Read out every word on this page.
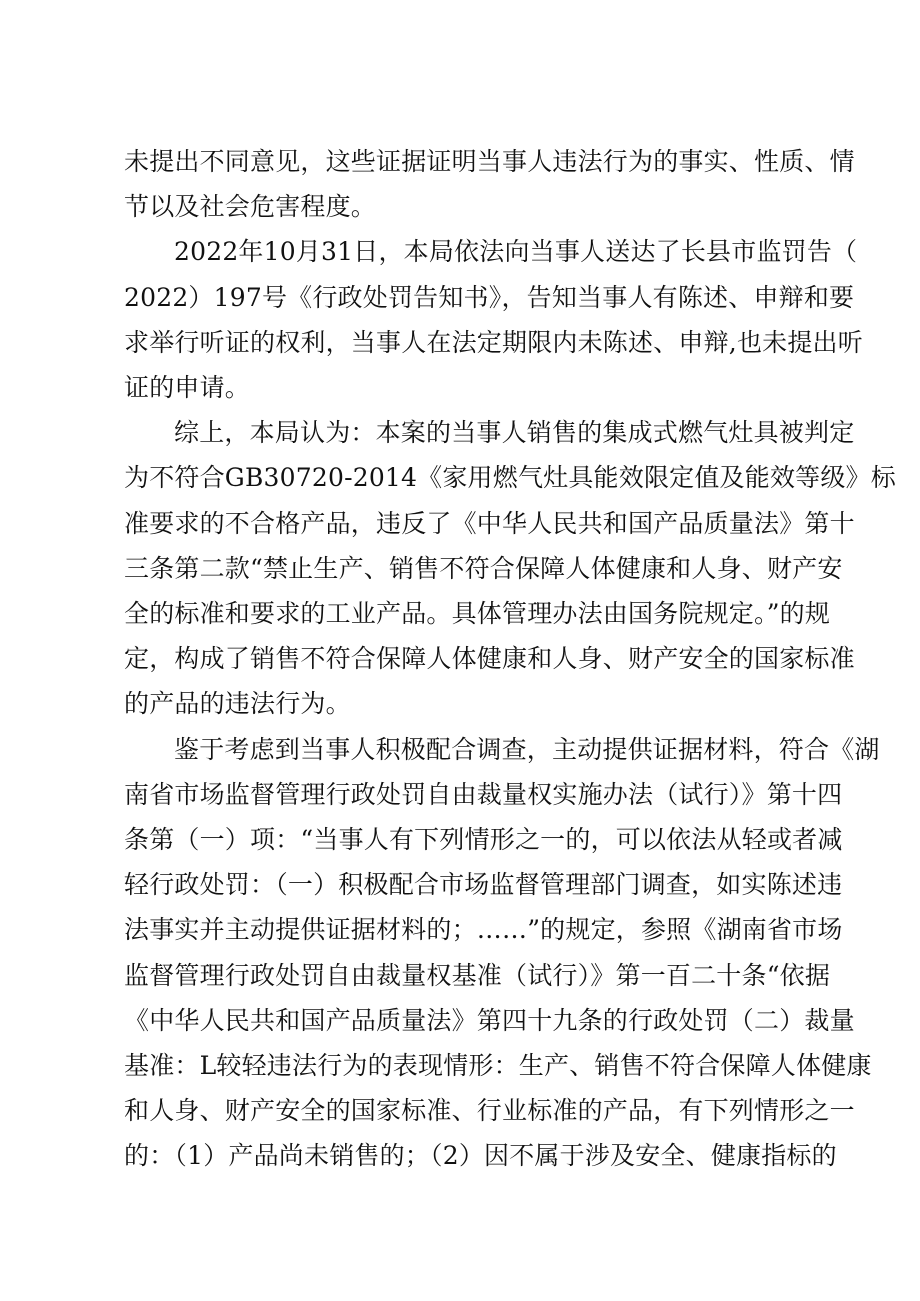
未提出不同意见，这些证据证明当事人违法行为的事实、性质、情
节以及社会危害程度。
2022年10月31日，本局依法向当事人送达了长县市监罚告（
2022）197号《行政处罚告知书》，告知当事人有陈述、申辩和要
求举行听证的权利，当事人在法定期限内未陈述、申辩,也未提出听
证的申请。
综上，本局认为：本案的当事人销售的集成式燃气灶具被判定
为不符合GB30720-2014《家用燃气灶具能效限定值及能效等级》标
准要求的不合格产品，违反了《中华人民共和国产品质量法》第十
三条第二款“禁止生产、销售不符合保障人体健康和人身、财产安
全的标准和要求的工业产品。具体管理办法由国务院规定。”的规
定，构成了销售不符合保障人体健康和人身、财产安全的国家标准
的产品的违法行为。
鉴于考虑到当事人积极配合调查，主动提供证据材料，符合《湖
南省市场监督管理行政处罚自由裁量权实施办法（试行）》第十四
条第（一）项：“当事人有下列情形之一的，可以依法从轻或者减
轻行政处罚：（一）积极配合市场监督管理部门调查，如实陈述违
法事实并主动提供证据材料的；……”的规定，参照《湖南省市场
监督管理行政处罚自由裁量权基准（试行）》第一百二十条“依据
《中华人民共和国产品质量法》第四十九条的行政处罚（二）裁量
基准：L较轻违法行为的表现情形：生产、销售不符合保障人体健康
和人身、财产安全的国家标准、行业标准的产品，有下列情形之一
的：（1）产品尚未销售的；（2）因不属于涉及安全、健康指标的
